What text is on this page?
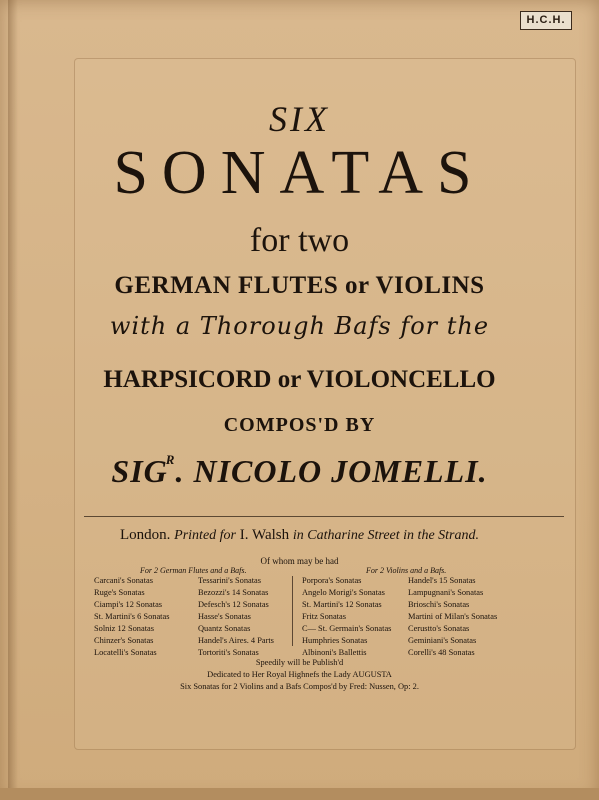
H.C.H.
SIX
SONATAS
for two
GERMAN FLUTES or VIOLINS
with a Thorough Bafs for the
HARPSICORD or VIOLONCELLO
COMPOS'D BY
$SIG^R$. NICOLO JOMELLI.
London. Printed for I. Walsh in Catharine Street in the Strand.
Of whom may be had
For 2 German Flutes and a Bafs.	For 2 Violins and a Bafs.
Carcani's Sonatas
Ruge's Sonatas
Ciampi's 12 Sonatas
St. Martini's 6 Sonatas
Solniz 12 Sonatas
Chinzer's Sonatas
Locatelli's Sonatas
Tessarini's Sonatas
Bezozzi's 14 Sonatas
Defesch's 12 Sonatas
Hasse's Sonatas
Quantz Sonatas
Handel's Aires. 4 Parts
Tortoriti's Sonatas
Porpora's Sonatas
Angelo Morigi's Sonatas
St. Martini's 12 Sonatas
Fritz Sonatas
C— St. Germain's Sonatas
Humphries Sonatas
Albinoni's Ballettis
Handel's 15 Sonatas
Lampugnani's Sonatas
Brioschi's Sonatas
Martini of Milan's Sonatas
Cerustto's Sonatas
Geminiani's Sonatas
Corelli's 48 Sonatas
Speedily will be Publish'd
Dedicated to Her Royal Highnefs the Lady AUGUSTA
Six Sonatas for 2 Violins and a Bafs Compos'd by Fred: Nussen, Op: 2.
